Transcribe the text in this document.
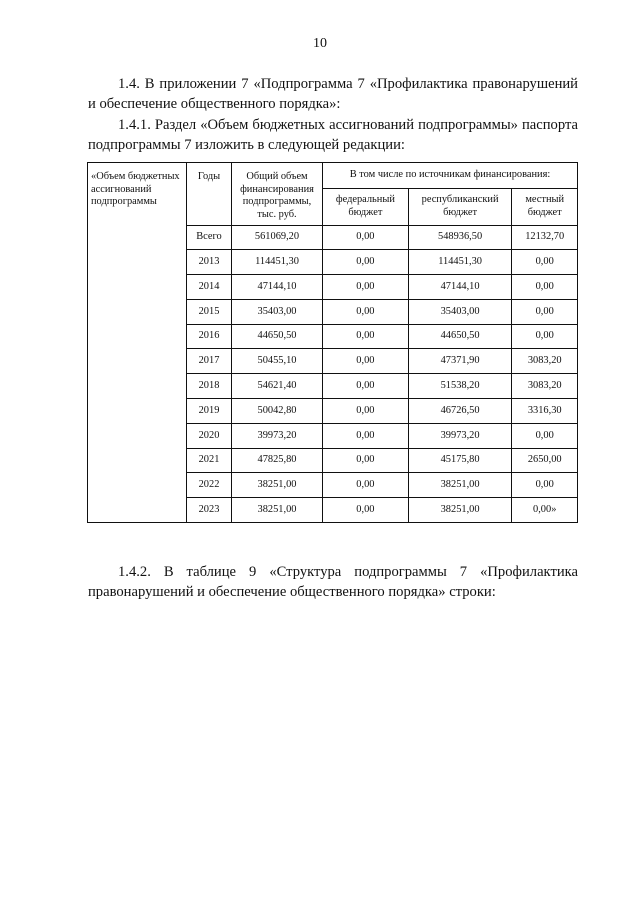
10
1.4. В приложении 7 «Подпрограмма 7 «Профилактика правонарушений и обеспечение общественного порядка»:
1.4.1. Раздел «Объем бюджетных ассигнований подпрограммы» паспорта подпрограммы 7 изложить в следующей редакции:
«Объем бюджетных ассигнований подпрограммы	Годы	Общий объем финансирования подпрограммы, тыс. руб.	В том числе по источникам финансирования:		
			федеральный бюджет	республиканский бюджет	местный бюджет
	Всего	561069,20	0,00	548936,50	12132,70
	2013	114451,30	0,00	114451,30	0,00
	2014	47144,10	0,00	47144,10	0,00
	2015	35403,00	0,00	35403,00	0,00
	2016	44650,50	0,00	44650,50	0,00
	2017	50455,10	0,00	47371,90	3083,20
	2018	54621,40	0,00	51538,20	3083,20
	2019	50042,80	0,00	46726,50	3316,30
	2020	39973,20	0,00	39973,20	0,00
	2021	47825,80	0,00	45175,80	2650,00
	2022	38251,00	0,00	38251,00	0,00
	2023	38251,00	0,00	38251,00	0,00»
1.4.2. В таблице 9 «Структура подпрограммы 7 «Профилактика правонарушений и обеспечение общественного порядка» строки:
